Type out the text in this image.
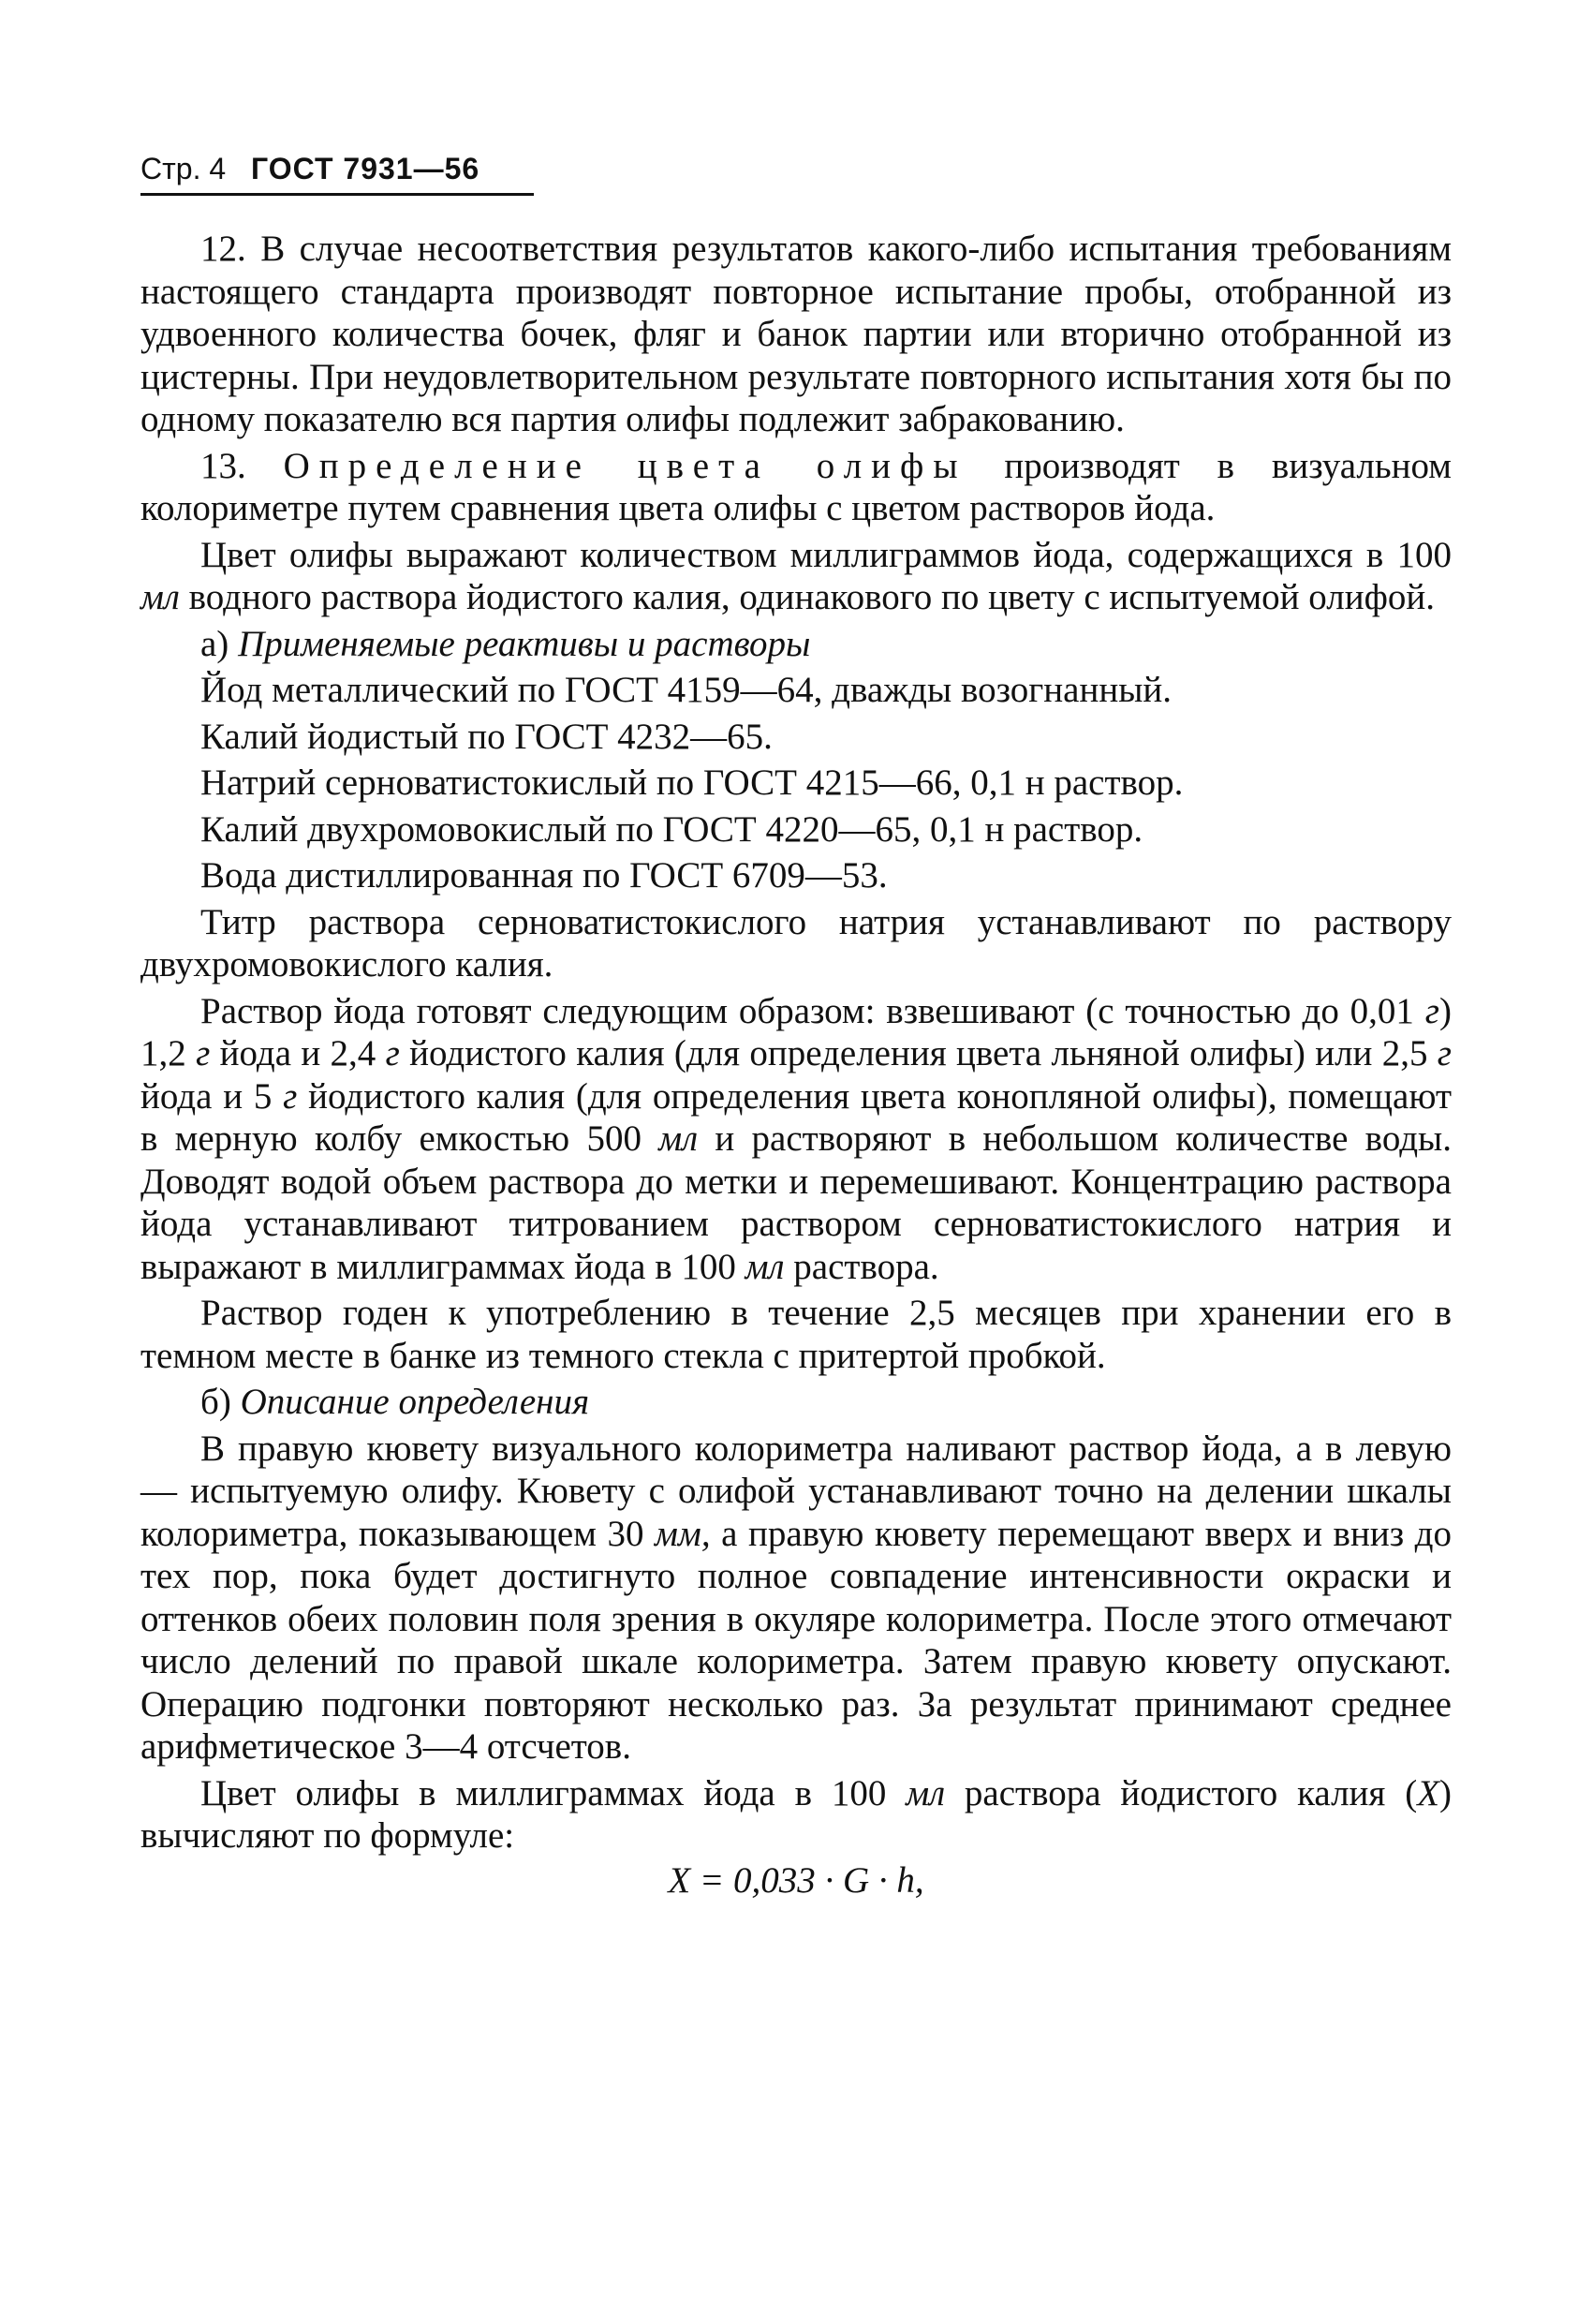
Стр. 4 ГОСТ 7931—56

12. В случае несоответствия результатов какого-либо испытания требованиям настоящего стандарта производят повторное испытание пробы, отобранной из удвоенного количества бочек, фляг и банок партии или вторично отобранной из цистерны. При неудовлетворительном результате повторного испытания хотя бы по одному показателю вся партия олифы подлежит забракованию.

13. Определение цвета олифы производят в визуальном колориметре путем сравнения цвета олифы с цветом растворов йода.

Цвет олифы выражают количеством миллиграммов йода, содержащихся в 100 мл водного раствора йодистого калия, одинакового по цвету с испытуемой олифой.

а) Применяемые реактивы и растворы

Йод металлический по ГОСТ 4159—64, дважды возогнанный.

Калий йодистый по ГОСТ 4232—65.

Натрий серноватистокислый по ГОСТ 4215—66, 0,1 н раствор.

Калий двухромовокислый по ГОСТ 4220—65, 0,1 н раствор.

Вода дистиллированная по ГОСТ 6709—53.

Титр раствора серноватистокислого натрия устанавливают по раствору двухромовокислого калия.

Раствор йода готовят следующим образом: взвешивают (с точностью до 0,01 г) 1,2 г йода и 2,4 г йодистого калия (для определения цвета льняной олифы) или 2,5 г йода и 5 г йодистого калия (для определения цвета конопляной олифы), помещают в мерную колбу емкостью 500 мл и растворяют в небольшом количестве воды. Доводят водой объем раствора до метки и перемешивают. Концентрацию раствора йода устанавливают титрованием раствором серноватистокислого натрия и выражают в миллиграммах йода в 100 мл раствора.

Раствор годен к употреблению в течение 2,5 месяцев при хранении его в темном месте в банке из темного стекла с притертой пробкой.

б) Описание определения

В правую кювету визуального колориметра наливают раствор йода, а в левую — испытуемую олифу. Кювету с олифой устанавливают точно на делении шкалы колориметра, показывающем 30 мм, а правую кювету перемещают вверх и вниз до тех пор, пока будет достигнуто полное совпадение интенсивности окраски и оттенков обеих половин поля зрения в окуляре колориметра. После этого отмечают число делений по правой шкале колориметра. Затем правую кювету опускают. Операцию подгонки повторяют несколько раз. За результат принимают среднее арифметическое 3—4 отсчетов.

Цвет олифы в миллиграммах йода в 100 мл раствора йодистого калия (X) вычисляют по формуле:

X = 0,033 · G · h,
